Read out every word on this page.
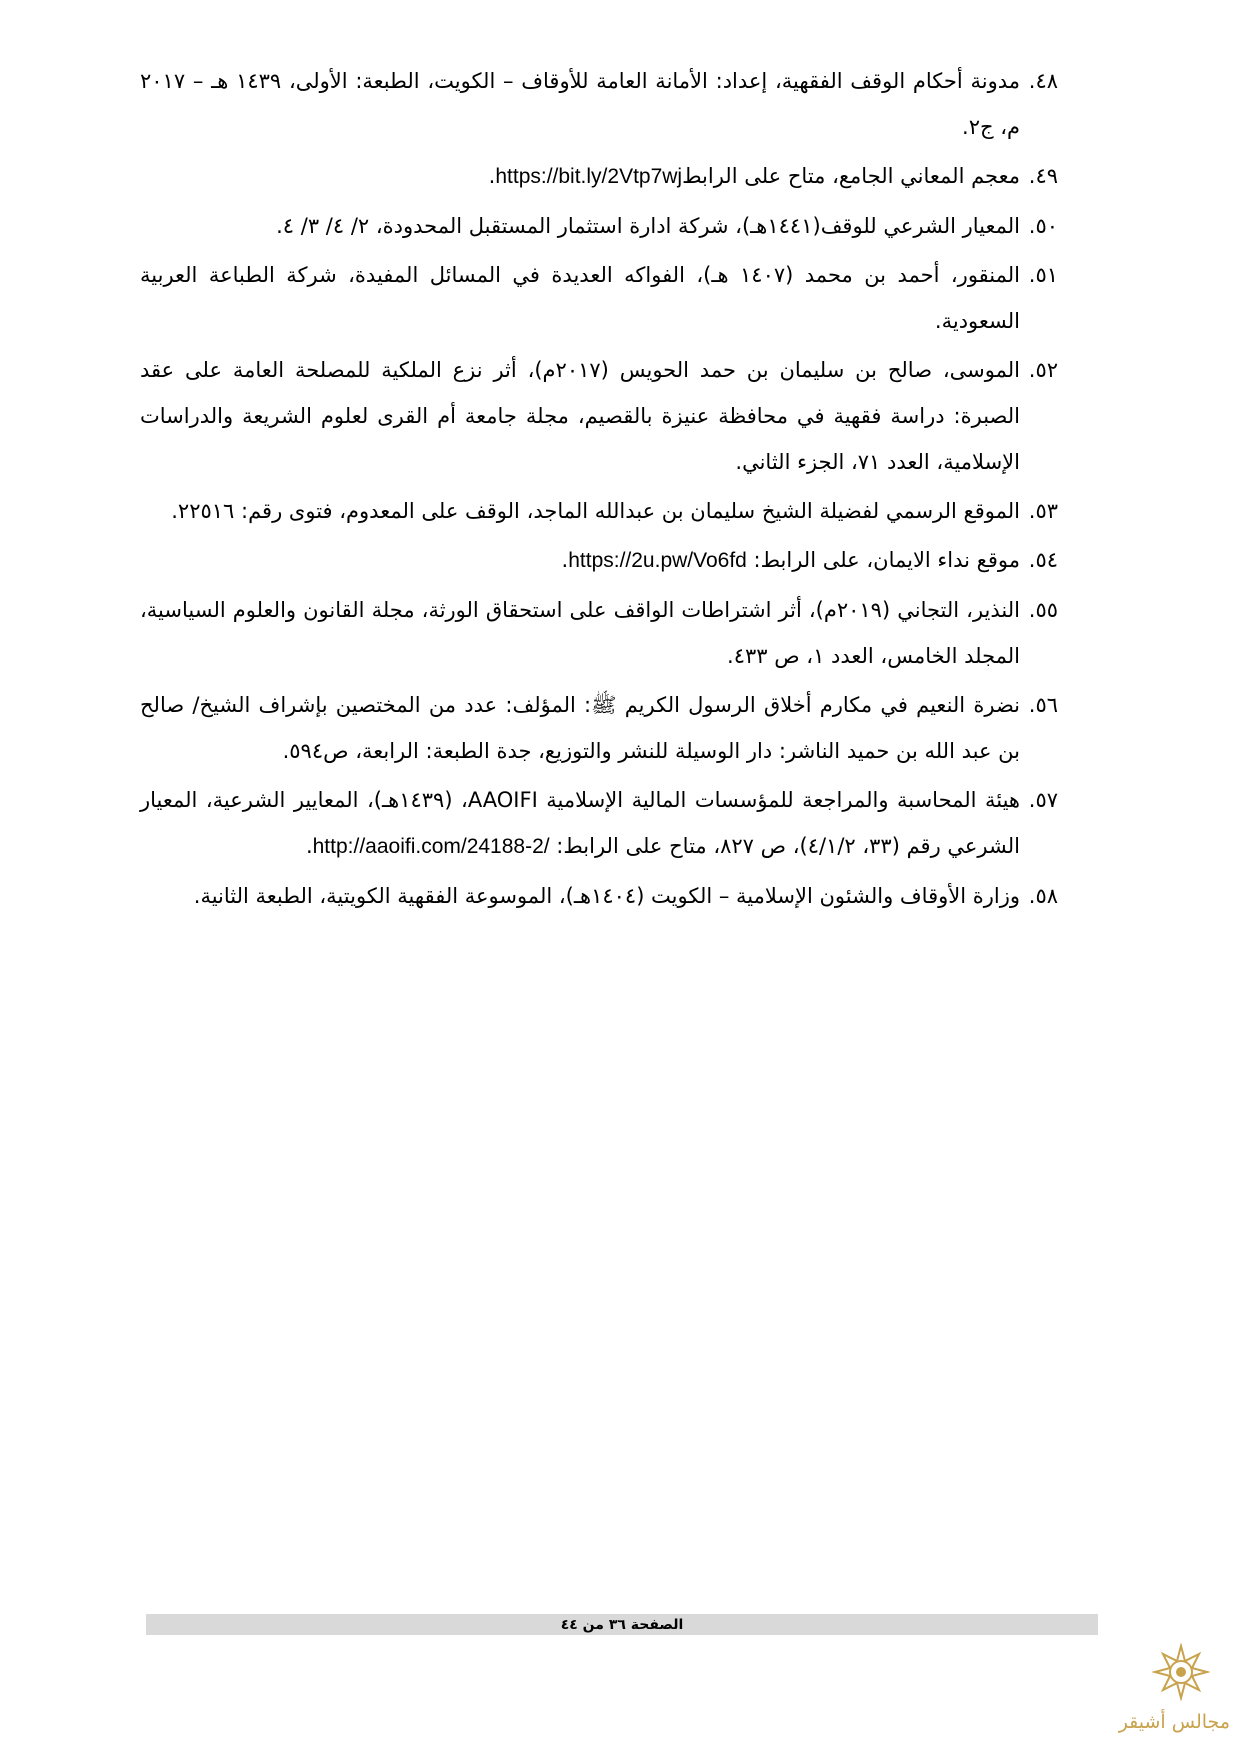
٤٨.
مدونة أحكام الوقف الفقهية، إعداد: الأمانة العامة للأوقاف – الكويت، الطبعة: الأولى، ١٤٣٩ هـ – ٢٠١٧ م، ج٢.
٤٩.
معجم المعاني الجامع، متاح على الرابطhttps://bit.ly/2Vtp7wj.
٥٠.
المعيار الشرعي للوقف(١٤٤١هـ)، شركة ادارة استثمار المستقبل المحدودة، ٢/ ٤/ ٣/ ٤.
٥١.
المنقور، أحمد بن محمد (١٤٠٧ هـ)، الفواكه العديدة في المسائل المفيدة، شركة الطباعة العربية السعودية.
٥٢.
الموسى، صالح بن سليمان بن حمد الحويس (٢٠١٧م)، أثر نزع الملكية للمصلحة العامة على عقد الصبرة: دراسة فقهية في محافظة عنيزة بالقصيم، مجلة جامعة أم القرى لعلوم الشريعة والدراسات الإسلامية، العدد ٧١، الجزء الثاني.
٥٣.
الموقع الرسمي لفضيلة الشيخ سليمان بن عبدالله الماجد، الوقف على المعدوم، فتوى رقم: ٢٢٥١٦.
٥٤.
موقع نداء الايمان، على الرابط: https://2u.pw/Vo6fd.
٥٥.
النذير، التجاني (٢٠١٩م)، أثر اشتراطات الواقف على استحقاق الورثة، مجلة القانون والعلوم السياسية، المجلد الخامس، العدد ١، ص ٤٣٣.
٥٦.
نضرة النعيم في مكارم أخلاق الرسول الكريم ﷺ: المؤلف: عدد من المختصين بإشراف الشيخ/ صالح بن عبد الله بن حميد الناشر: دار الوسيلة للنشر والتوزيع، جدة الطبعة: الرابعة، ص٥٩٤.
٥٧.
هيئة المحاسبة والمراجعة للمؤسسات المالية الإسلامية AAOIFI، (١٤٣٩هـ)، المعايير الشرعية، المعيار الشرعي رقم (٣٣، ٤/١/٢)، ص ٨٢٧، متاح على الرابط: http://aaoifi.com/24188-2/.
٥٨.
وزارة الأوقاف والشئون الإسلامية – الكويت (١٤٠٤هـ)، الموسوعة الفقهية الكويتية، الطبعة الثانية.
الصفحة ٣٦ من ٤٤
مجالس أشيقر
